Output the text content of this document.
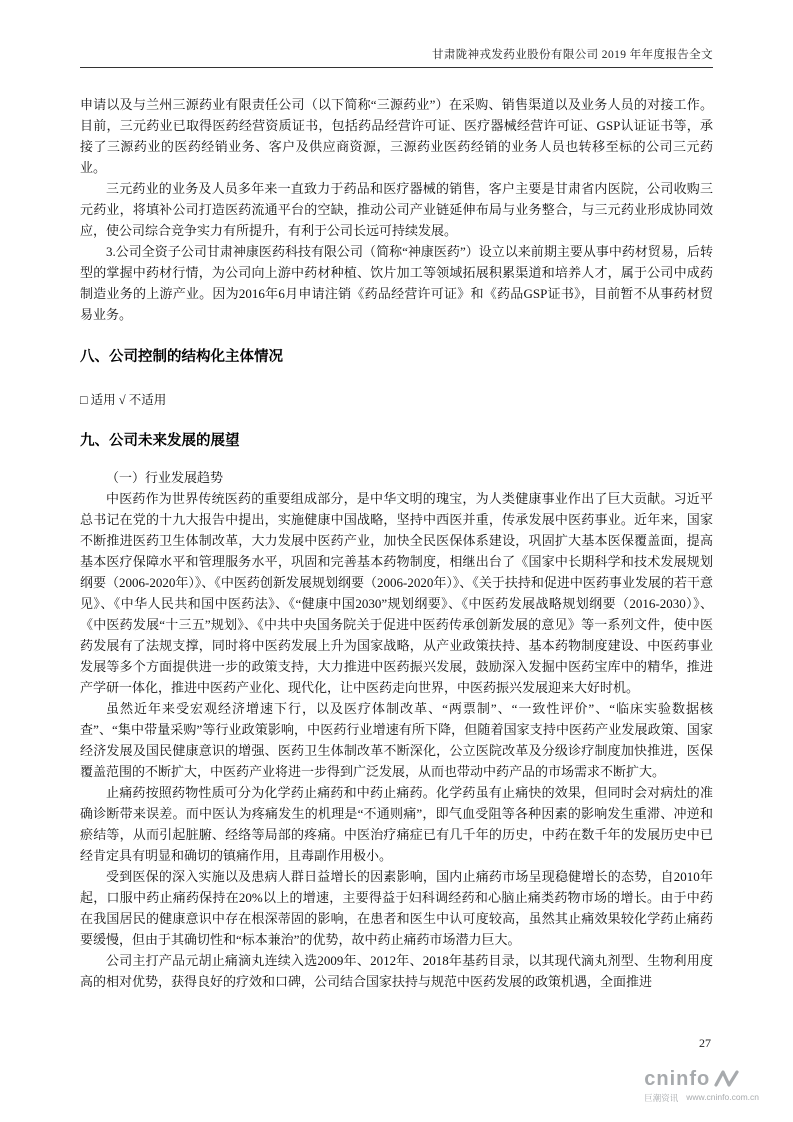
甘肃陇神戎发药业股份有限公司 2019 年年度报告全文

申请以及与兰州三源药业有限责任公司（以下简称“三源药业”）在采购、销售渠道以及业务人员的对接工作。目前，三元药业已取得医药经营资质证书，包括药品经营许可证、医疗器械经营许可证、GSP认证证书等，承接了三源药业的医药经销业务、客户及供应商资源，三源药业医药经销的业务人员也转移至标的公司三元药业。

三元药业的业务及人员多年来一直致力于药品和医疗器械的销售，客户主要是甘肃省内医院，公司收购三元药业，将填补公司打造医药流通平台的空缺，推动公司产业链延伸布局与业务整合，与三元药业形成协同效应，使公司综合竞争实力有所提升，有利于公司长远可持续发展。

3.公司全资子公司甘肃神康医药科技有限公司（简称“神康医药”）设立以来前期主要从事中药材贸易，后转型的掌握中药材行情，为公司向上游中药材种植、饮片加工等领域拓展积累渠道和培养人才，属于公司中成药制造业务的上游产业。因为2016年6月申请注销《药品经营许可证》和《药品GSP证书》，目前暂不从事药材贸易业务。

八、公司控制的结构化主体情况

□ 适用 √ 不适用

九、公司未来发展的展望

（一）行业发展趋势

中医药作为世界传统医药的重要组成部分，是中华文明的瑰宝，为人类健康事业作出了巨大贡献。习近平总书记在党的十九大报告中提出，实施健康中国战略，坚持中西医并重，传承发展中医药事业。近年来，国家不断推进医药卫生体制改革，大力发展中医药产业，加快全民医保体系建设，巩固扩大基本医保覆盖面，提高基本医疗保障水平和管理服务水平，巩固和完善基本药物制度，相继出台了《国家中长期科学和技术发展规划纲要（2006-2020年）》、《中医药创新发展规划纲要（2006-2020年）》、《关于扶持和促进中医药事业发展的若干意见》、《中华人民共和国中医药法》、《“健康中国2030”规划纲要》、《中医药发展战略规划纲要（2016-2030）》、《中医药发展“十三五”规划》、《中共中央国务院关于促进中医药传承创新发展的意见》等一系列文件，使中医药发展有了法规支撑，同时将中医药发展上升为国家战略，从产业政策扶持、基本药物制度建设、中医药事业发展等多个方面提供进一步的政策支持，大力推进中医药振兴发展，鼓励深入发掘中医药宝库中的精华，推进产学研一体化，推进中医药产业化、现代化，让中医药走向世界，中医药振兴发展迎来大好时机。

虽然近年来受宏观经济增速下行，以及医疗体制改革、“两票制”、“一致性评价”、“临床实验数据核查”、“集中带量采购”等行业政策影响，中医药行业增速有所下降，但随着国家支持中医药产业发展政策、国家经济发展及国民健康意识的增强、医药卫生体制改革不断深化，公立医院改革及分级诊疗制度加快推进，医保覆盖范围的不断扩大，中医药产业将进一步得到广泛发展，从而也带动中药产品的市场需求不断扩大。

止痛药按照药物性质可分为化学药止痛药和中药止痛药。化学药虽有止痛快的效果，但同时会对病灶的准确诊断带来误差。而中医认为疼痛发生的机理是“不通则痛”，即气血受阻等各种因素的影响发生重滞、冲逆和瘀结等，从而引起脏腑、经络等局部的疼痛。中医治疗痛症已有几千年的历史，中药在数千年的发展历史中已经肯定具有明显和确切的镇痛作用，且毒副作用极小。

受到医保的深入实施以及患病人群日益增长的因素影响，国内止痛药市场呈现稳健增长的态势，自2010年起，口服中药止痛药保持在20%以上的增速，主要得益于妇科调经药和心脑止痛类药物市场的增长。由于中药在我国居民的健康意识中存在根深蒂固的影响，在患者和医生中认可度较高，虽然其止痛效果较化学药止痛药要缓慢，但由于其确切性和“标本兼治”的优势，故中药止痛药市场潜力巨大。

公司主打产品元胡止痛滴丸连续入选2009年、2012年、2018年基药目录，以其现代滴丸剂型、生物利用度高的相对优势，获得良好的疗效和口碑，公司结合国家扶持与规范中医药发展的政策机遇，全面推进

27
cninfo
巨潮资讯 www.cninfo.com.cn
